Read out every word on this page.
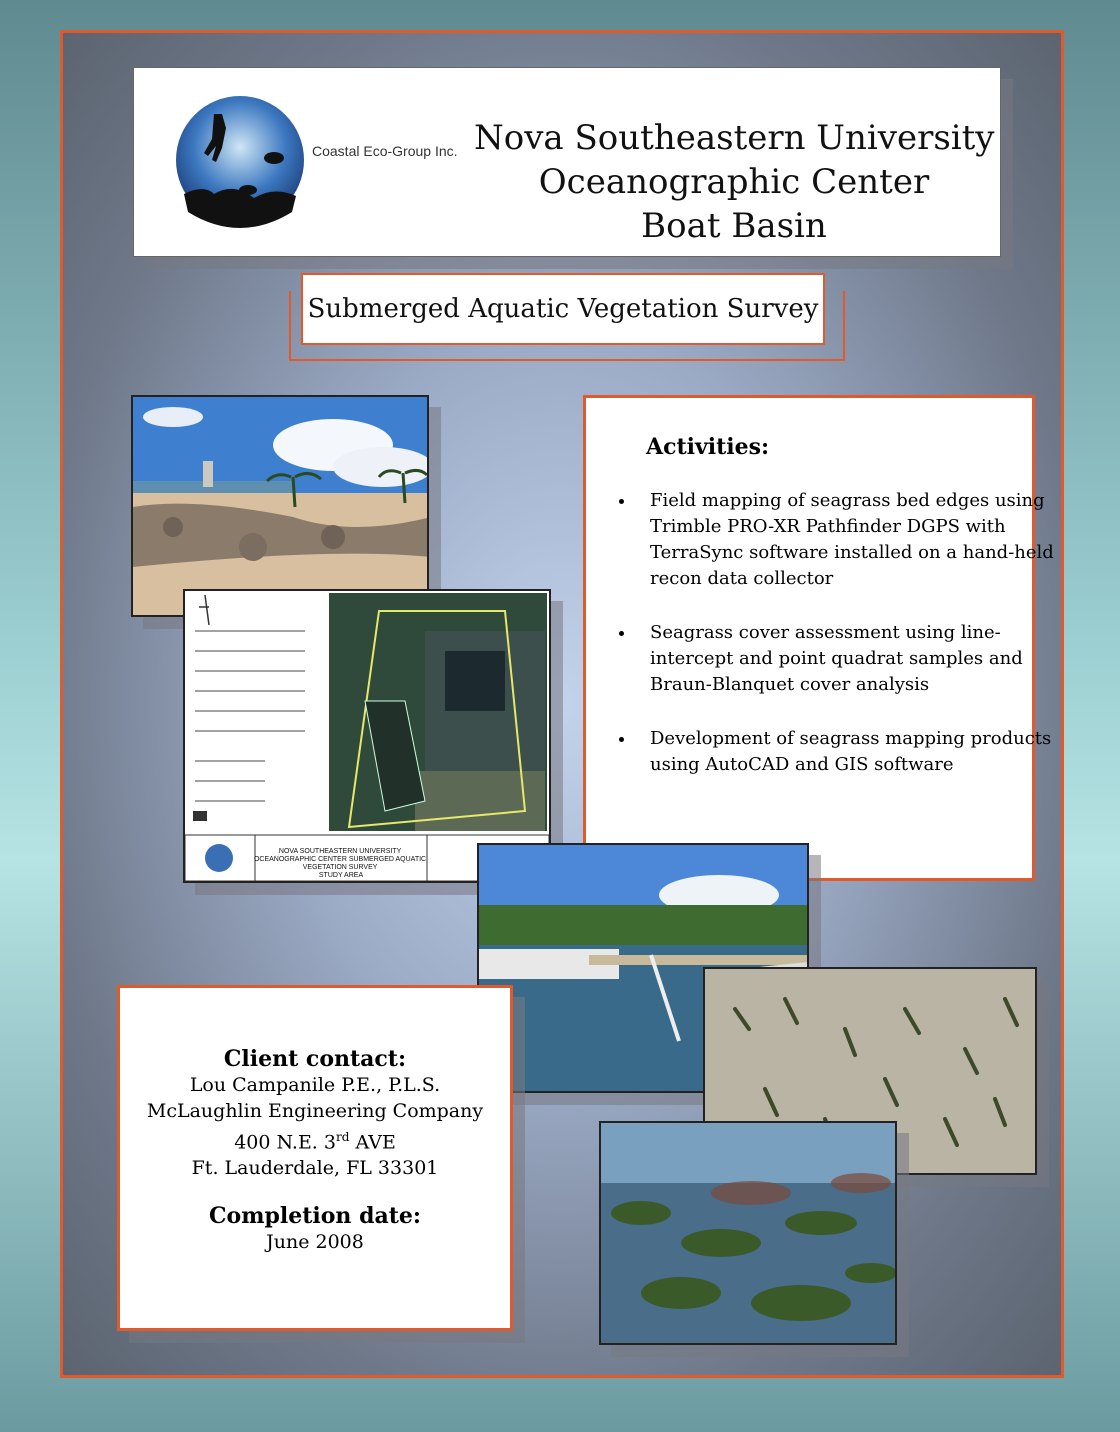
Coastal Eco-Group Inc. Nova Southeastern University
Oceanographic Center
Boat Basin
Submerged Aquatic Vegetation Survey
NOVA SOUTHEASTERN UNIVERSITY OCEANOGRAPHIC CENTER SUBMERGED AQUATIC VEGETATION SURVEY STUDY AREA
Activities:
• Field mapping of seagrass bed edges using Trimble PRO-XR Pathfinder DGPS with TerraSync software installed on a hand-held recon data collector
• Seagrass cover assessment using line-intercept and point quadrat samples and Braun-Blanquet cover analysis
• Development of seagrass mapping products using AutoCAD and GIS software
Client contact:
Lou Campanile P.E., P.L.S.
McLaughlin Engineering Company
400 N.E. 3rd AVE
Ft. Lauderdale, FL 33301
Completion date:
June 2008
